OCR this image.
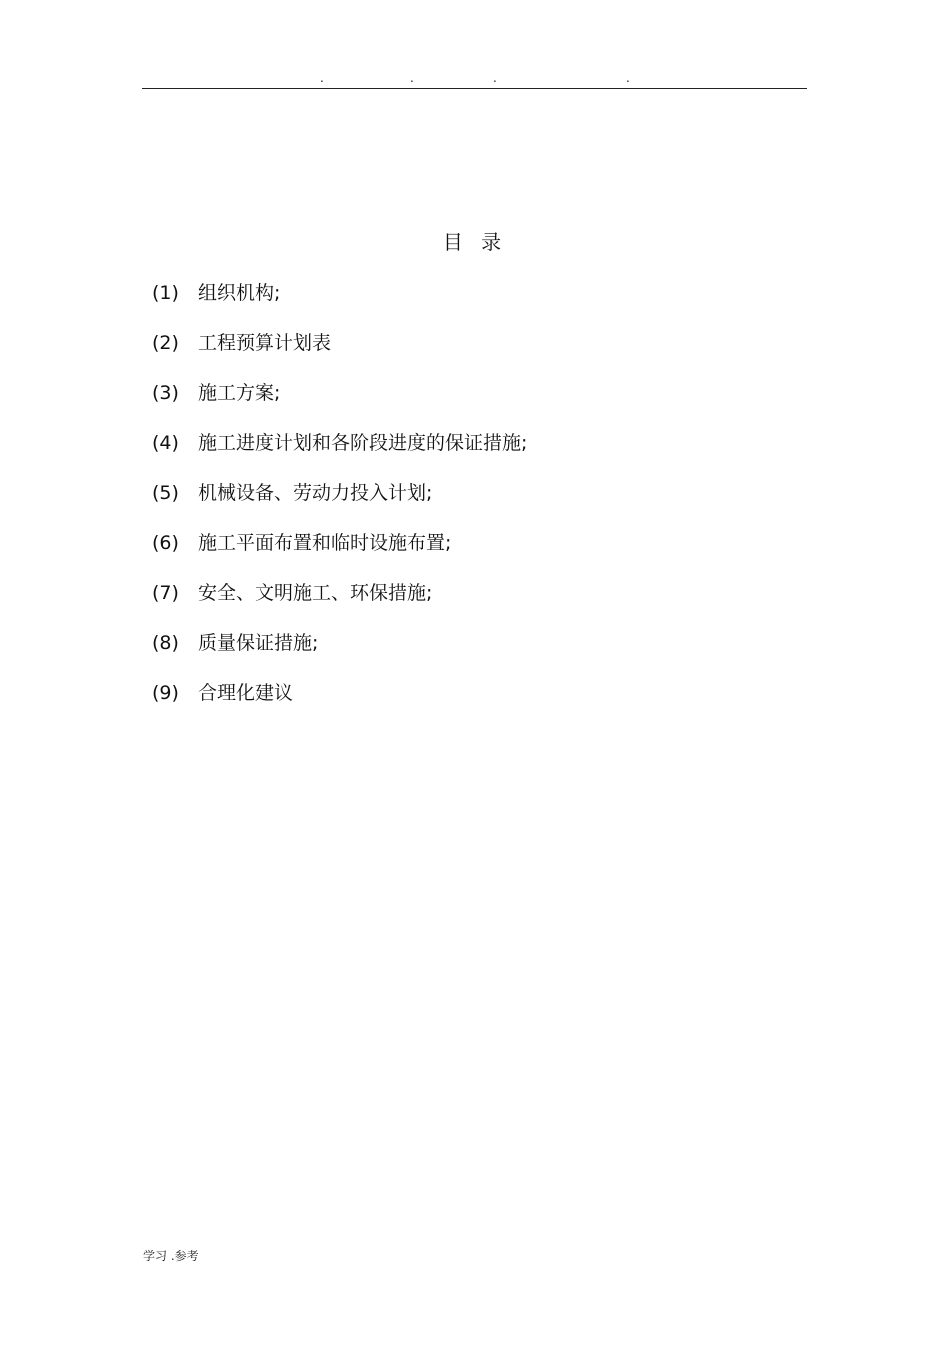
.	.	.	.
目 录
(1) 组织机构;
(2) 工程预算计划表
(3) 施工方案;
(4) 施工进度计划和各阶段进度的保证措施;
(5) 机械设备、劳动力投入计划;
(6) 施工平面布置和临时设施布置;
(7) 安全、文明施工、环保措施;
(8) 质量保证措施;
(9) 合理化建议
学习 .参考
